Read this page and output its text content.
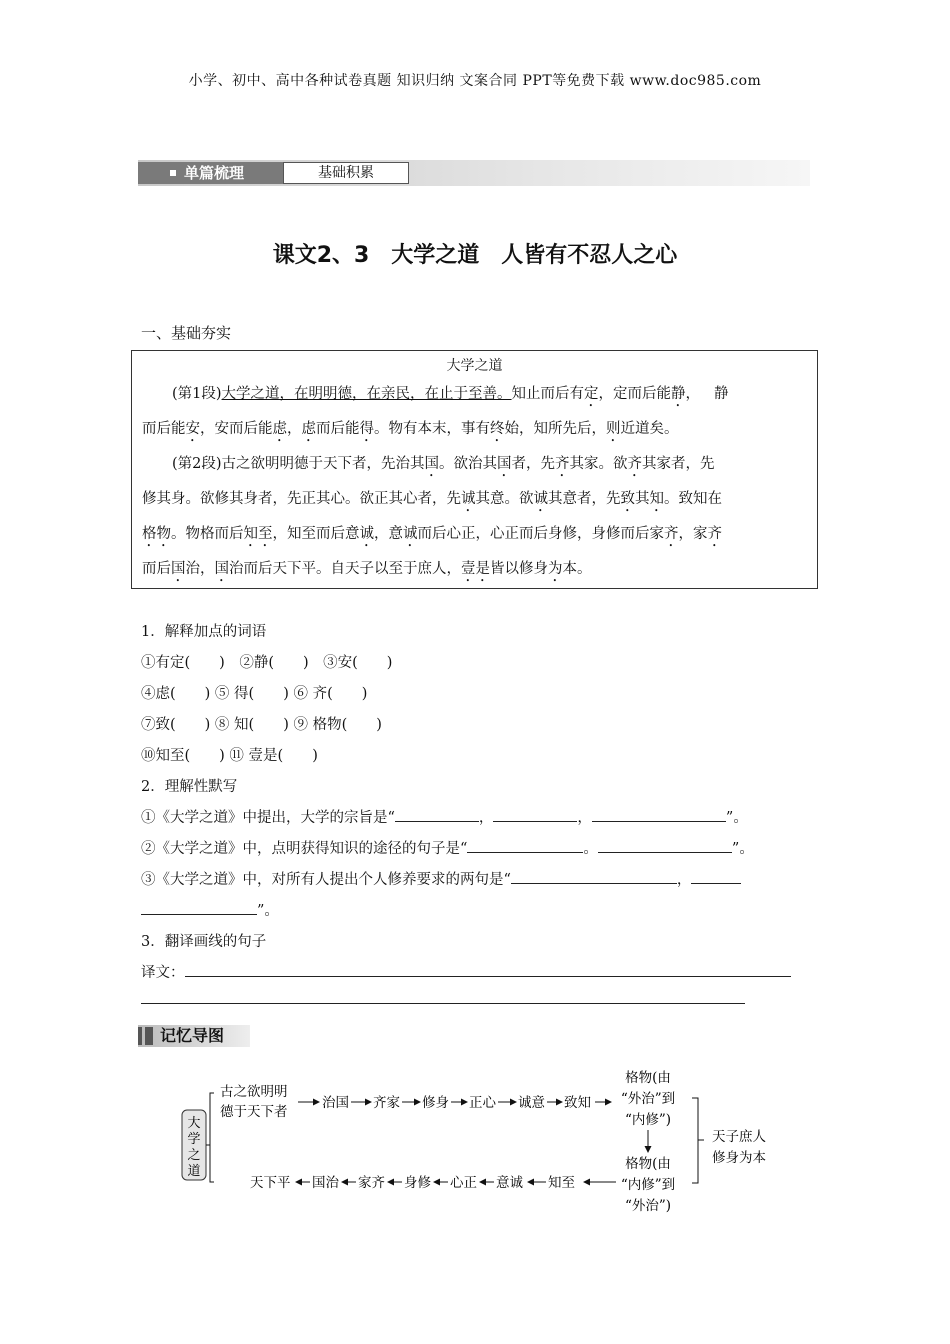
小学、初中、高中各种试卷真题 知识归纳 文案合同 PPT等免费下载 www.doc985.com
单篇梳理	基础积累
课文2、3　大学之道　人皆有不忍人之心
一、基础夯实
大学之道
(第1段)大学之道，在明明德，在亲民，在止于至善。知止而后有定，定而后能静， 静
而后能安，安而后能虑，虑而后能得。物有本末，事有终始，知所先后，则近道矣。
(第2段)古之欲明明德于天下者，先治其国。欲治其国者，先齐其家。欲齐其家者，先
修其身。欲修其身者，先正其心。欲正其心者，先诚其意。欲诚其意者，先致其知。致知在
格物。物格而后知至，知至而后意诚，意诚而后心正，心正而后身修，身修而后家齐，家齐
而后国治，国治而后天下平。自天子以至于庶人，壹是皆以修身为本。
1．解释加点的词语
①有定(　　)　②静(　　)　③安(　　)
④虑(　　) ⑤ 得(　　) ⑥ 齐(　　)
⑦致(　　) ⑧ 知(　　) ⑨ 格物(　　)
⑩知至(　　) ⑪ 壹是(　　)
2．理解性默写
①《大学之道》中提出，大学的宗旨是“	，	，	”。
②《大学之道》中，点明获得知识的途径的句子是“	。	”。
③《大学之道》中，对所有人提出个人修养要求的两句是“	，
”。
3．翻译画线的句子
译文：
记忆导图
大
学
之
道
古之欲明明
德于天下者
治国 齐家 修身 正心 诚意 致知
格物(由
“外治”到
“内修”)
格物(由
“内修”到
“外治”)
天子庶人
修身为本
知至
意诚
心正
身修
家齐
国治
天下平
